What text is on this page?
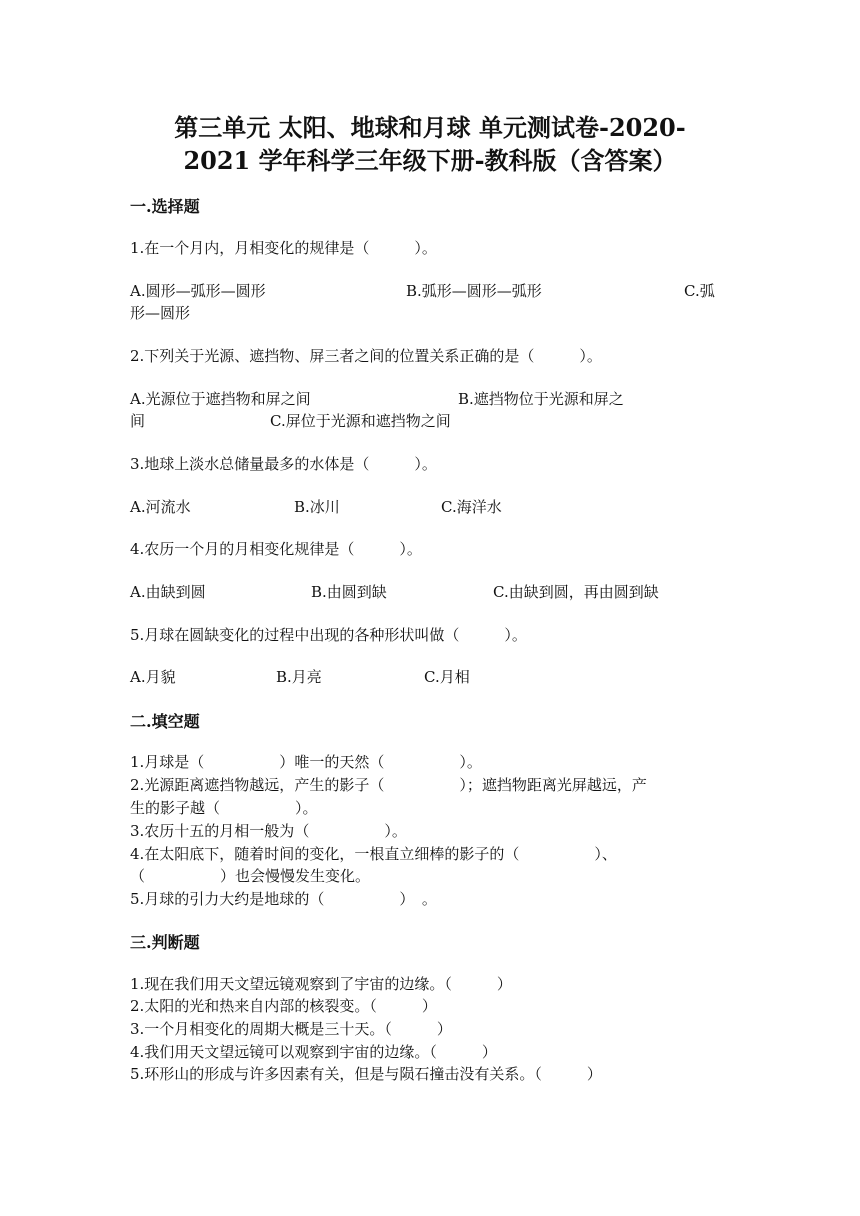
第三单元 太阳、地球和月球 单元测试卷-2020-
2021 学年科学三年级下册-教科版（含答案）
一.选择题
1.在一个月内，月相变化的规律是（　　　）。
A.圆形—弧形—圆形	B.弧形—圆形—弧形	C.弧
形—圆形
2.下列关于光源、遮挡物、屏三者之间的位置关系正确的是（　　　）。
A.光源位于遮挡物和屏之间	B.遮挡物位于光源和屏之
间	C.屏位于光源和遮挡物之间
3.地球上淡水总储量最多的水体是（　　　）。
A.河流水	B.冰川	C.海洋水
4.农历一个月的月相变化规律是（　　　）。
A.由缺到圆	B.由圆到缺	C.由缺到圆，再由圆到缺
5.月球在圆缺变化的过程中出现的各种形状叫做（　　　）。
A.月貌	B.月亮	C.月相
二.填空题
1.月球是（　　　　　）唯一的天然（　　　　　）。
2.光源距离遮挡物越远，产生的影子（　　　　　）；遮挡物距离光屏越远，产
生的影子越（　　　　　）。
3.农历十五的月相一般为（　　　　　）。
4.在太阳底下，随着时间的变化，一根直立细棒的影子的（　　　　　）、
（　　　　　）也会慢慢发生变化。
5.月球的引力大约是地球的（　　　　　）　。
三.判断题
1.现在我们用天文望远镜观察到了宇宙的边缘。（　　　）
2.太阳的光和热来自内部的核裂变。（　　　）
3.一个月相变化的周期大概是三十天。（　　　）
4.我们用天文望远镜可以观察到宇宙的边缘。（　　　）
5.环形山的形成与许多因素有关，但是与陨石撞击没有关系。（　　　）
